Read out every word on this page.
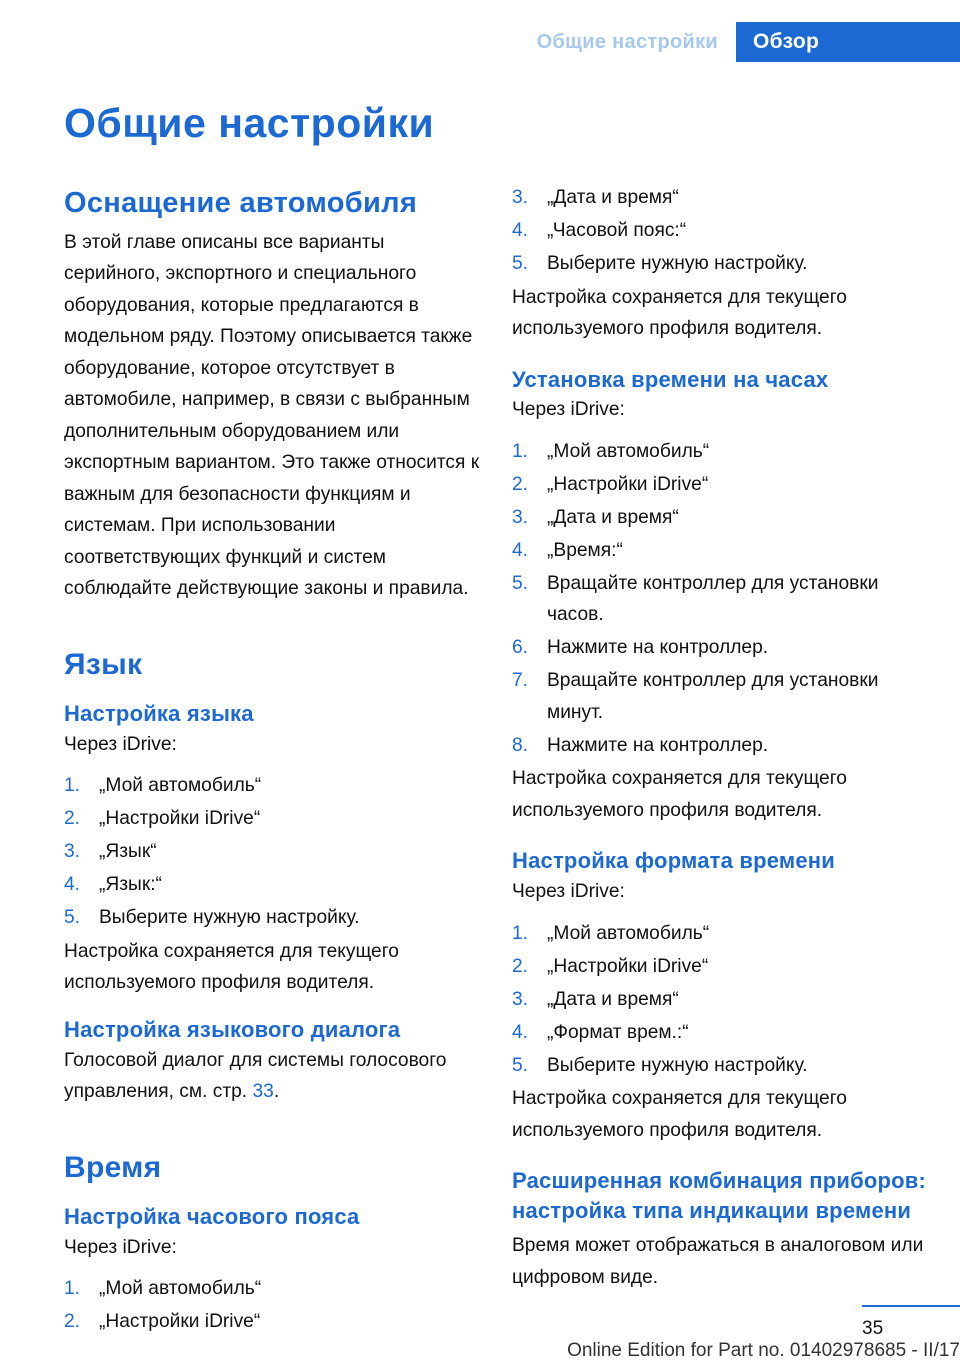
Общие настройки	Обзор
Общие настройки
Оснащение автомобиля

В этой главе описаны все варианты серийного, экспортного и специального оборудования, которые предлагаются в модельном ряду. Поэтому описывается также оборудование, которое отсутствует в автомобиле, например, в связи с выбранным дополнительным оборудованием или экспортным вариантом. Это также относится к важным для безопасности функциям и системам. При использовании соответствующих функций и систем соблюдайте действующие законы и правила.

Язык
Настройка языка

Через iDrive:

1. „Мой автомобиль“
2. „Настройки iDrive“
3. „Язык“
4. „Язык:“
5. Выберите нужную настройку.

Настройка сохраняется для текущего используемого профиля водителя.

Настройка языкового диалога

Голосовой диалог для системы голосового управления, см. стр. 33.

Время
Настройка часового пояса

Через iDrive:

1. „Мой автомобиль“
2. „Настройки iDrive“
3. „Дата и время“
4. „Часовой пояс:“
5. Выберите нужную настройку.

Настройка сохраняется для текущего используемого профиля водителя.

Установка времени на часах

Через iDrive:

1. „Мой автомобиль“
2. „Настройки iDrive“
3. „Дата и время“
4. „Время:“
5. Вращайте контроллер для установки часов.
6. Нажмите на контроллер.
7. Вращайте контроллер для установки минут.
8. Нажмите на контроллер.

Настройка сохраняется для текущего используемого профиля водителя.

Настройка формата времени

Через iDrive:

1. „Мой автомобиль“
2. „Настройки iDrive“
3. „Дата и время“
4. „Формат врем.:“
5. Выберите нужную настройку.

Настройка сохраняется для текущего используемого профиля водителя.

Расширенная комбинация приборов: настройка типа индикации времени

Время может отображаться в аналоговом или цифровом виде.

35
Online Edition for Part no. 01402978685 - II/17
